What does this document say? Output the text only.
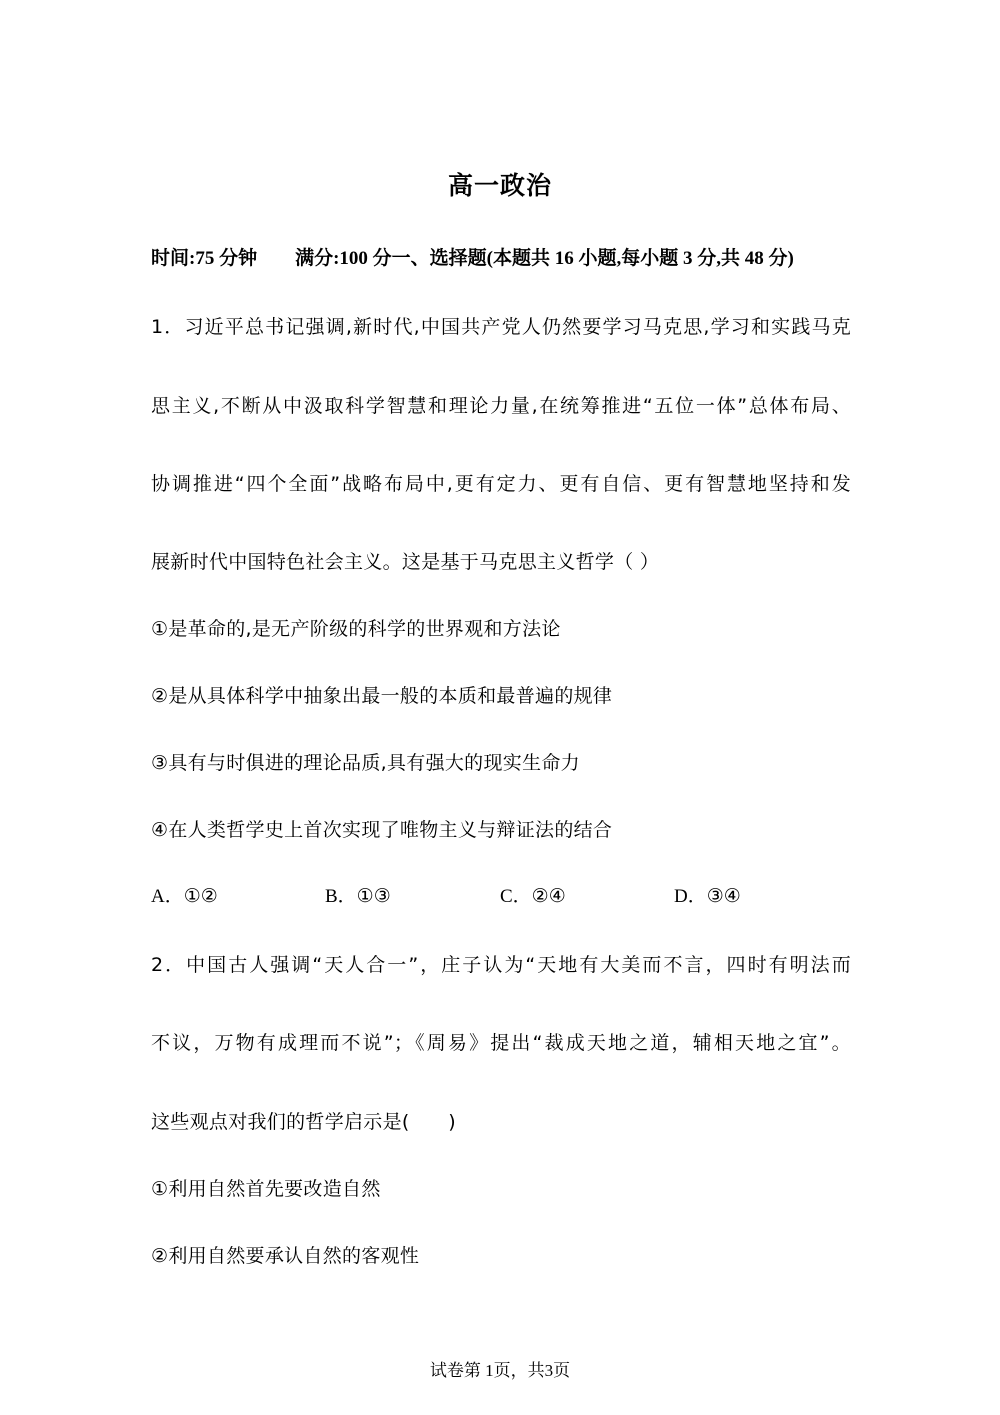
高一政治
时间:75 分钟        满分:100 分一、选择题(本题共 16 小题,每小题 3 分,共 48 分)
1．习近平总书记强调,新时代,中国共产党人仍然要学习马克思,学习和实践马克
思主义,不断从中汲取科学智慧和理论力量,在统筹推进“五位一体”总体布局、
协调推进“四个全面”战略布局中,更有定力、更有自信、更有智慧地坚持和发
展新时代中国特色社会主义。这是基于马克思主义哲学（ ）
①是革命的,是无产阶级的科学的世界观和方法论
②是从具体科学中抽象出最一般的本质和最普遍的规律
③具有与时俱进的理论品质,具有强大的现实生命力
④在人类哲学史上首次实现了唯物主义与辩证法的结合
A．①②	B．①③	C．②④	D．③④
2．中国古人强调“天人合一”，庄子认为“天地有大美而不言，四时有明法而
不议，万物有成理而不说”；《周易》提出“裁成天地之道，辅相天地之宜”。
这些观点对我们的哲学启示是(　　)
①利用自然首先要改造自然
②利用自然要承认自然的客观性
试卷第 1页，共3页
